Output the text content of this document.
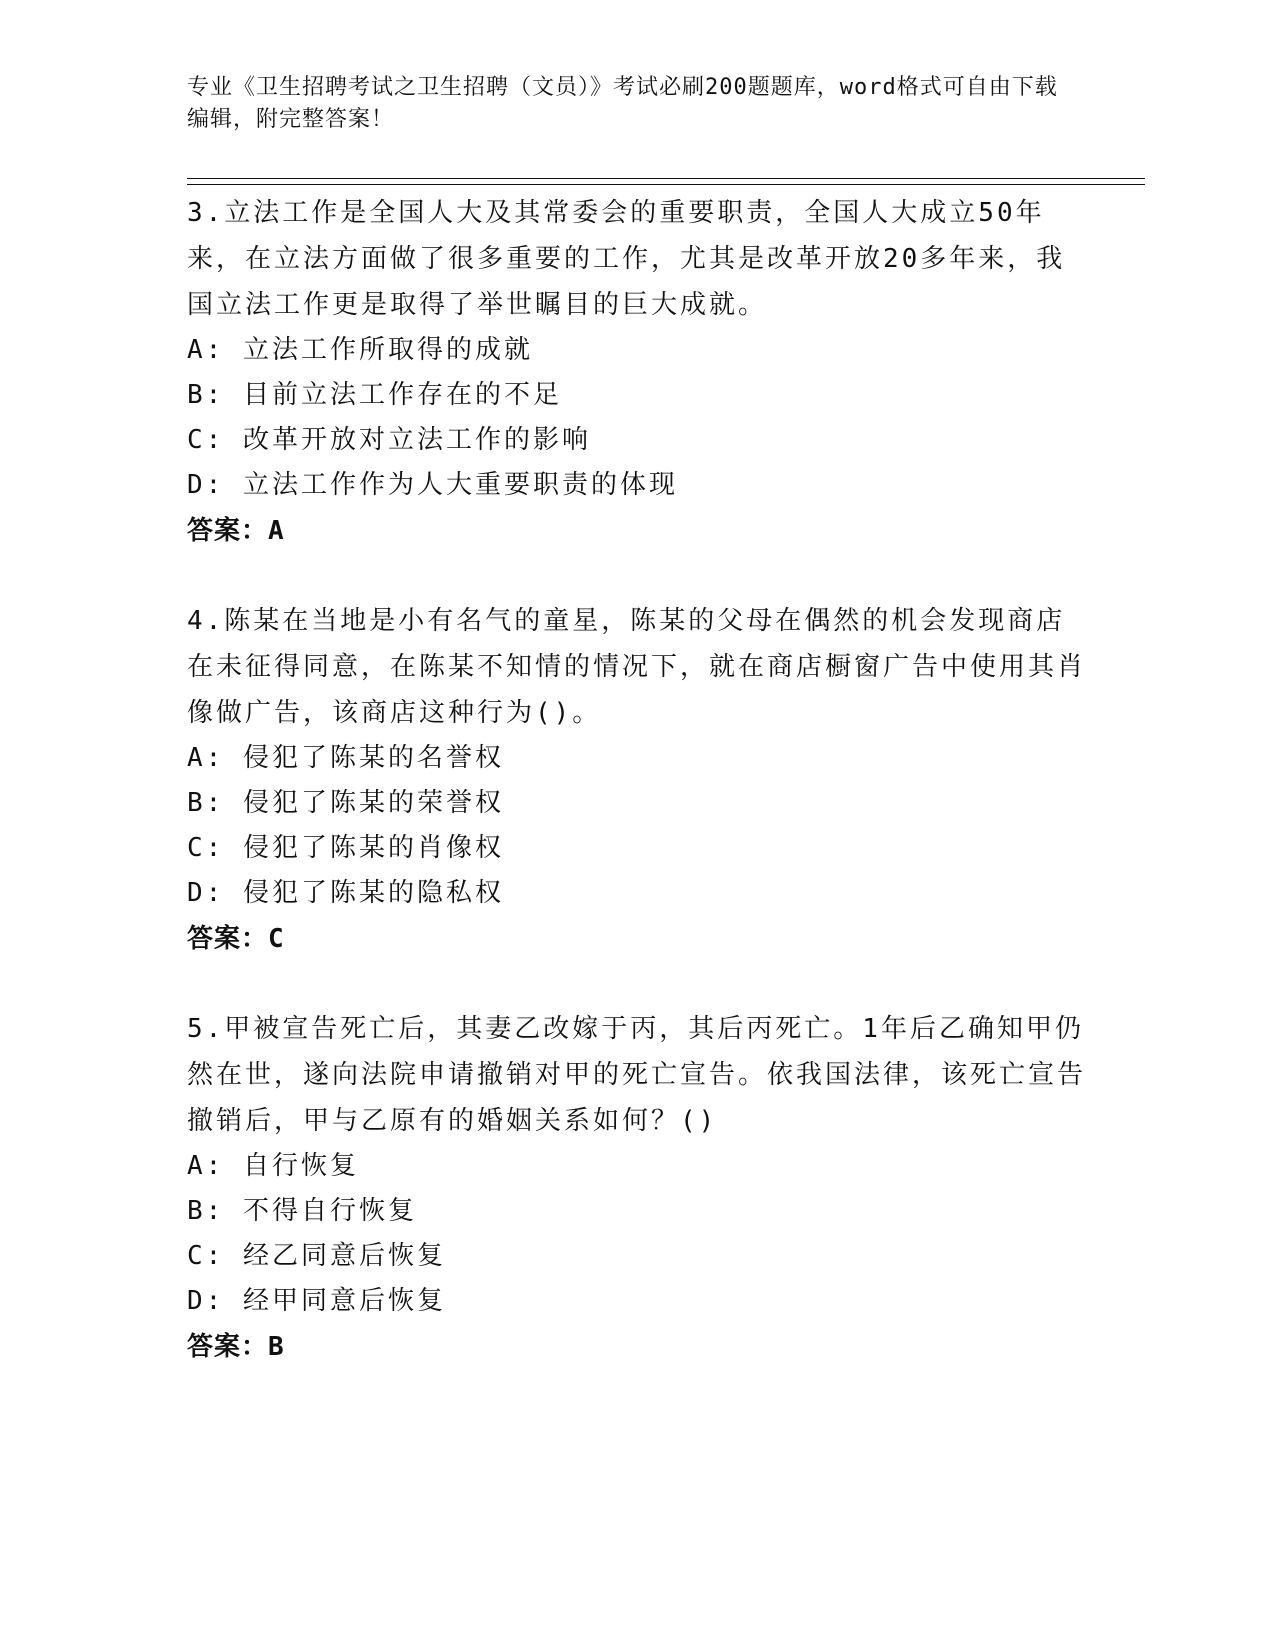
专业《卫生招聘考试之卫生招聘（文员）》考试必刷200题题库，word格式可自由下载编辑，附完整答案！

3.立法工作是全国人大及其常委会的重要职责，全国人大成立50年来，在立法方面做了很多重要的工作，尤其是改革开放20多年来，我国立法工作更是取得了举世瞩目的巨大成就。

A: 立法工作所取得的成就

B: 目前立法工作存在的不足

C: 改革开放对立法工作的影响

D: 立法工作作为人大重要职责的体现

答案：A

4.陈某在当地是小有名气的童星，陈某的父母在偶然的机会发现商店在未征得同意，在陈某不知情的情况下，就在商店橱窗广告中使用其肖像做广告，该商店这种行为()。

A: 侵犯了陈某的名誉权

B: 侵犯了陈某的荣誉权

C: 侵犯了陈某的肖像权

D: 侵犯了陈某的隐私权

答案：C

5.甲被宣告死亡后，其妻乙改嫁于丙，其后丙死亡。1年后乙确知甲仍然在世，遂向法院申请撤销对甲的死亡宣告。依我国法律，该死亡宣告撤销后，甲与乙原有的婚姻关系如何？()

A: 自行恢复

B: 不得自行恢复

C: 经乙同意后恢复

D: 经甲同意后恢复

答案：B
